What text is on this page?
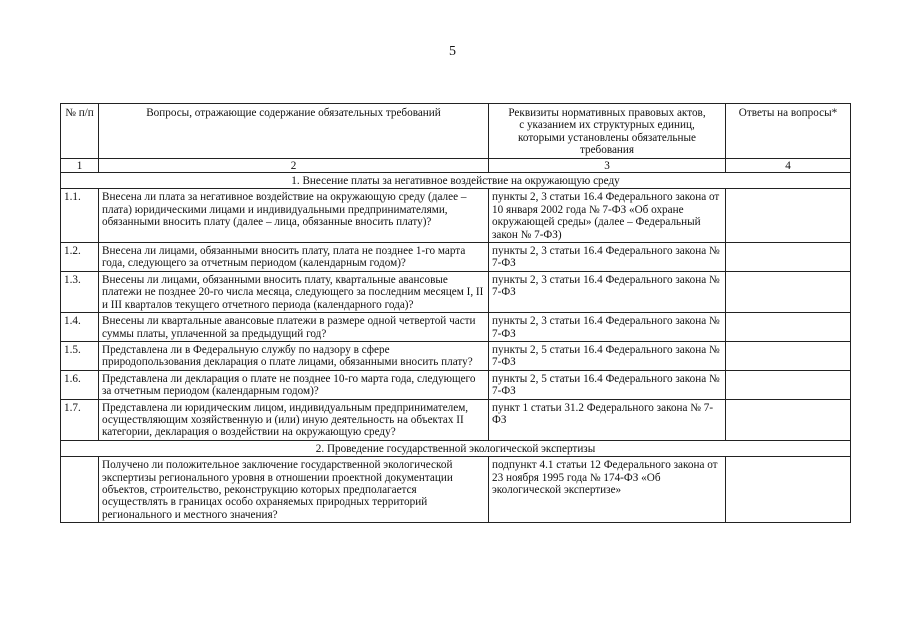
5
№ п/п	Вопросы, отражающие содержание обязательных требований	Реквизиты нормативных правовых актов, с указанием их структурных единиц, которыми установлены обязательные требования	Ответы на вопросы*
1	2	3	4
1. Внесение платы за негативное воздействие на окружающую среду			
1.1.	Внесена ли плата за негативное воздействие на окружающую среду (далее – плата) юридическими лицами и индивидуальными предпринимателями, обязанными вносить плату (далее – лица, обязанные вносить плату)?	пункты 2, 3 статьи 16.4 Федерального закона от 10 января 2002 года № 7-ФЗ «Об охране окружающей среды» (далее – Федеральный закон № 7-ФЗ)	
1.2.	Внесена ли лицами, обязанными вносить плату, плата не позднее 1-го марта года, следующего за отчетным периодом (календарным годом)?	пункты 2, 3 статьи 16.4 Федерального закона № 7-ФЗ	
1.3.	Внесены ли лицами, обязанными вносить плату, квартальные авансовые платежи не позднее 20-го числа месяца, следующего за последним месяцем I, II и III кварталов текущего отчетного периода (календарного года)?	пункты 2, 3 статьи 16.4 Федерального закона № 7-ФЗ	
1.4.	Внесены ли квартальные авансовые платежи в размере одной четвертой части суммы платы, уплаченной за предыдущий год?	пункты 2, 3 статьи 16.4 Федерального закона № 7-ФЗ	
1.5.	Представлена ли в Федеральную службу по надзору в сфере природопользования декларация о плате лицами, обязанными вносить плату?	пункты 2, 5 статьи 16.4 Федерального закона № 7-ФЗ	
1.6.	Представлена ли декларация о плате не позднее 10-го марта года, следующего за отчетным периодом (календарным годом)?	пункты 2, 5 статьи 16.4 Федерального закона № 7-ФЗ	
1.7.	Представлена ли юридическим лицом, индивидуальным предпринимателем, осуществляющим хозяйственную и (или) иную деятельность на объектах II категории, декларация о воздействии на окружающую среду?	пункт 1 статьи 31.2 Федерального закона № 7-ФЗ	
2. Проведение государственной экологической экспертизы			
	Получено ли положительное заключение государственной экологической экспертизы регионального уровня в отношении проектной документации объектов, строительство, реконструкцию которых предполагается осуществлять в границах особо охраняемых природных территорий регионального и местного значения?	подпункт 4.1 статьи 12 Федерального закона от 23 ноября 1995 года № 174-ФЗ «Об экологической экспертизе»	
